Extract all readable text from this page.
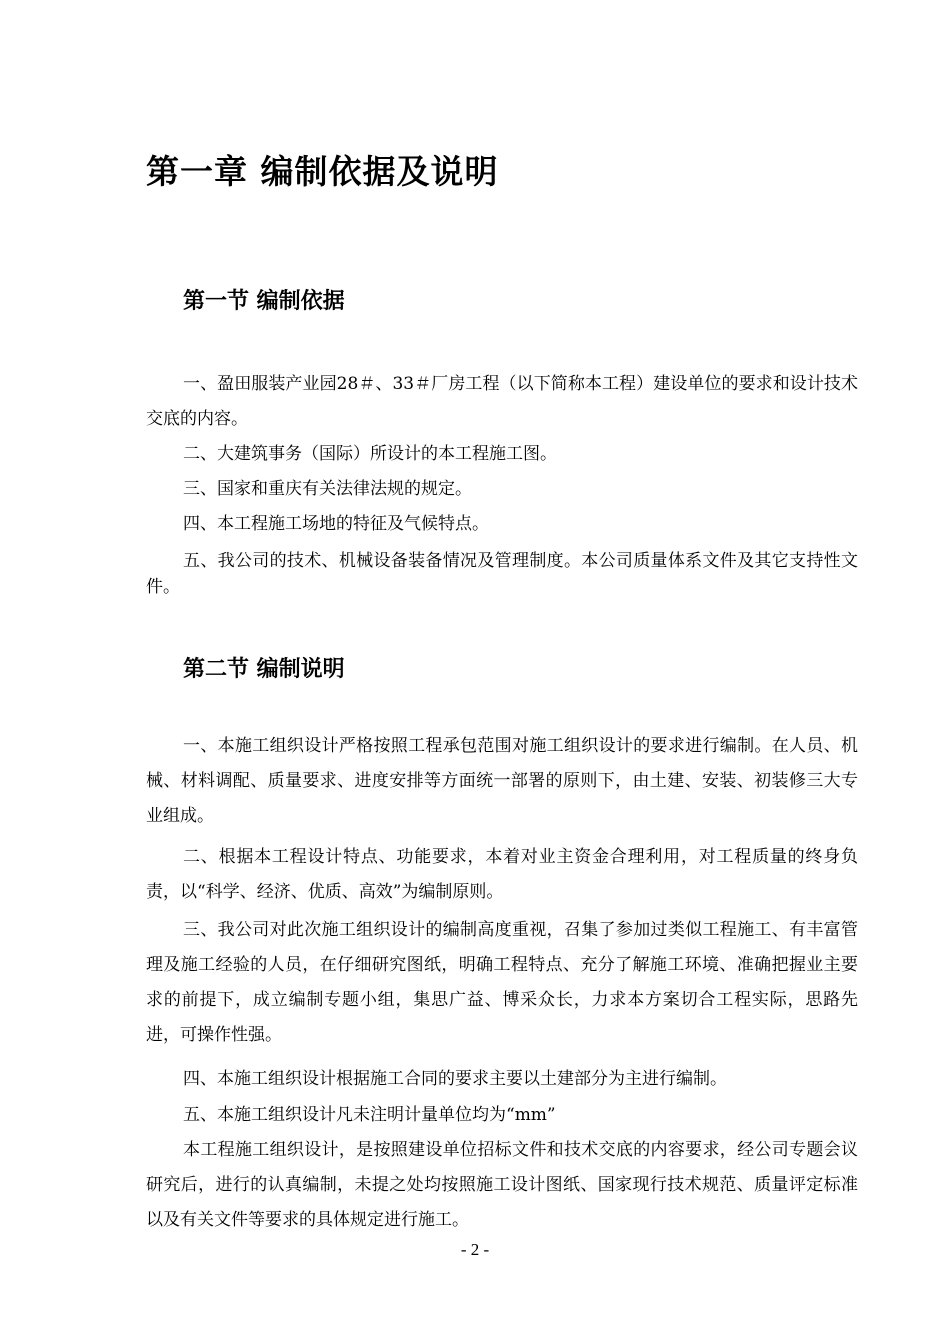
第一章 编制依据及说明
第一节 编制依据

一、盈田服装产业园28＃、33＃厂房工程（以下简称本工程）建设单位的要求和设计技术交底的内容。

二、大建筑事务（国际）所设计的本工程施工图。

三、国家和重庆有关法律法规的规定。

四、本工程施工场地的特征及气候特点。

五、我公司的技术、机械设备装备情况及管理制度。本公司质量体系文件及其它支持性文件。

第二节 编制说明

一、本施工组织设计严格按照工程承包范围对施工组织设计的要求进行编制。在人员、机械、材料调配、质量要求、进度安排等方面统一部署的原则下，由土建、安装、初装修三大专业组成。

二、根据本工程设计特点、功能要求，本着对业主资金合理利用，对工程质量的终身负责，以“科学、经济、优质、高效”为编制原则。

三、我公司对此次施工组织设计的编制高度重视，召集了参加过类似工程施工、有丰富管理及施工经验的人员，在仔细研究图纸，明确工程特点、充分了解施工环境、准确把握业主要求的前提下，成立编制专题小组，集思广益、博采众长，力求本方案切合工程实际，思路先进，可操作性强。

四、本施工组织设计根据施工合同的要求主要以土建部分为主进行编制。

五、本施工组织设计凡未注明计量单位均为“mm”

本工程施工组织设计，是按照建设单位招标文件和技术交底的内容要求，经公司专题会议研究后，进行的认真编制，未提之处均按照施工设计图纸、国家现行技术规范、质量评定标准以及有关文件等要求的具体规定进行施工。

- 2 -
